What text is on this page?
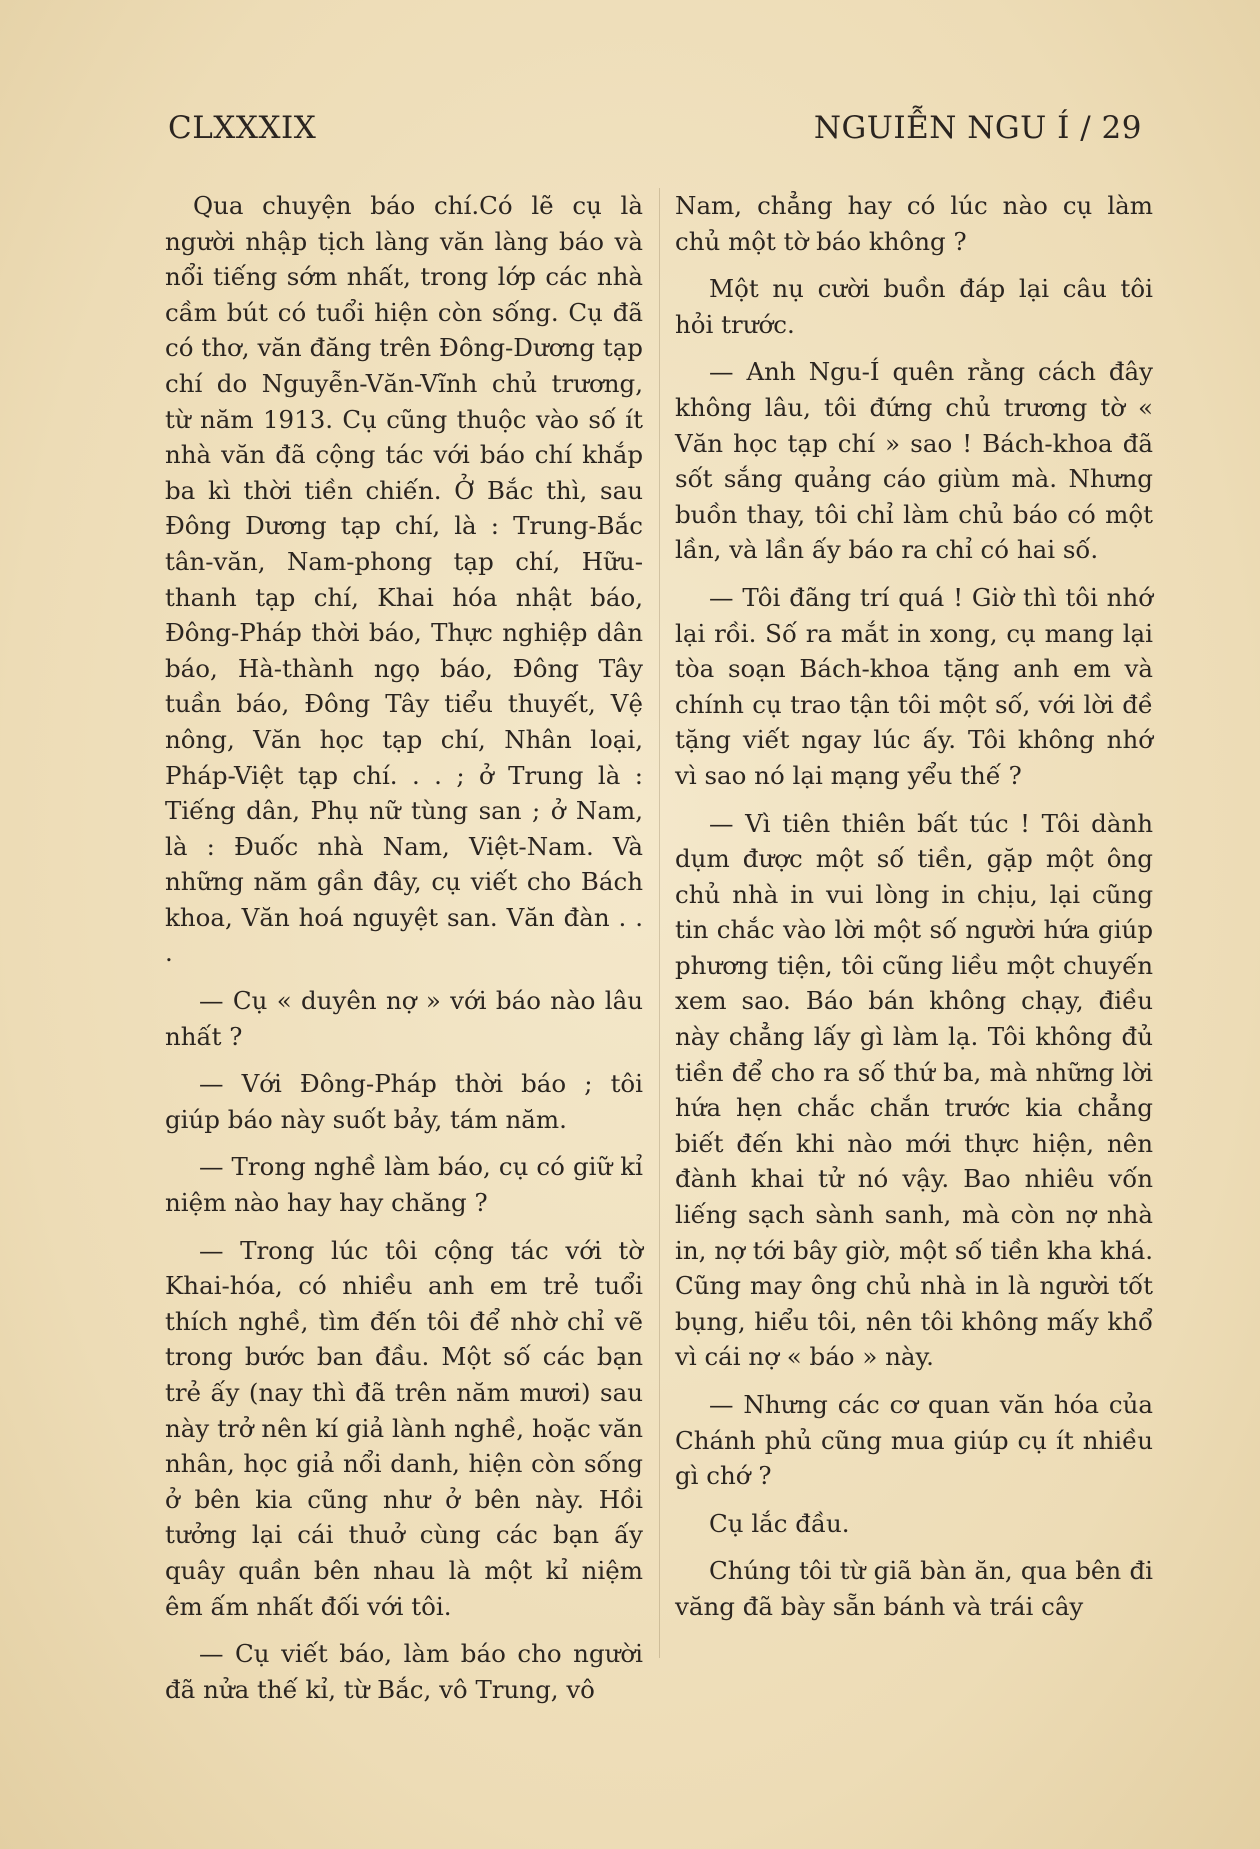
CLXXXIX	NGUIỄN NGU Í / 29

Qua chuyện báo chí.Có lẽ cụ là người nhập tịch làng văn làng báo và nổi tiếng sớm nhất, trong lớp các nhà cầm bút có tuổi hiện còn sống. Cụ đã có thơ, văn đăng trên Đông-Dương tạp chí do Nguyễn-Văn-Vĩnh chủ trương, từ năm 1913. Cụ cũng thuộc vào số ít nhà văn đã cộng tác với báo chí khắp ba kì thời tiền chiến. Ở Bắc thì, sau Đông Dương tạp chí, là : Trung-Bắc tân-văn, Nam-phong tạp chí, Hữu-thanh tạp chí, Khai hóa nhật báo, Đông-Pháp thời báo, Thực nghiệp dân báo, Hà-thành ngọ báo, Đông Tây tuần báo, Đông Tây tiểu thuyết, Vệ nông, Văn học tạp chí, Nhân loại, Pháp-Việt tạp chí. . . ; ở Trung là : Tiếng dân, Phụ nữ tùng san ; ở Nam, là : Đuốc nhà Nam, Việt-Nam. Và những năm gần đây, cụ viết cho Bách khoa, Văn hoá nguyệt san. Văn đàn . . .

— Cụ « duyên nợ » với báo nào lâu nhất ?

— Với Đông-Pháp thời báo ; tôi giúp báo này suốt bảy, tám năm.

— Trong nghề làm báo, cụ có giữ kỉ niệm nào hay hay chăng ?

— Trong lúc tôi cộng tác với tờ Khai-hóa, có nhiều anh em trẻ tuổi thích nghề, tìm đến tôi để nhờ chỉ vẽ trong bước ban đầu. Một số các bạn trẻ ấy (nay thì đã trên năm mươi) sau này trở nên kí giả lành nghề, hoặc văn nhân, học giả nổi danh, hiện còn sống ở bên kia cũng như ở bên này. Hồi tưởng lại cái thuở cùng các bạn ấy quây quần bên nhau là một kỉ niệm êm ấm nhất đối với tôi.

— Cụ viết báo, làm báo cho người đã nửa thế kỉ, từ Bắc, vô Trung, vô

Nam, chẳng hay có lúc nào cụ làm chủ một tờ báo không ?

Một nụ cười buồn đáp lại câu tôi hỏi trước.

— Anh Ngu-Í quên rằng cách đây không lâu, tôi đứng chủ trương tờ « Văn học tạp chí » sao ! Bách-khoa đã sốt sắng quảng cáo giùm mà. Nhưng buồn thay, tôi chỉ làm chủ báo có một lần, và lần ấy báo ra chỉ có hai số.

— Tôi đãng trí quá ! Giờ thì tôi nhớ lại rồi. Số ra mắt in xong, cụ mang lại tòa soạn Bách-khoa tặng anh em và chính cụ trao tận tôi một số, với lời đề tặng viết ngay lúc ấy. Tôi không nhớ vì sao nó lại mạng yểu thế ?

— Vì tiên thiên bất túc ! Tôi dành dụm được một số tiền, gặp một ông chủ nhà in vui lòng in chịu, lại cũng tin chắc vào lời một số người hứa giúp phương tiện, tôi cũng liều một chuyến xem sao. Báo bán không chạy, điều này chẳng lấy gì làm lạ. Tôi không đủ tiền để cho ra số thứ ba, mà những lời hứa hẹn chắc chắn trước kia chẳng biết đến khi nào mới thực hiện, nên đành khai tử nó vậy. Bao nhiêu vốn liếng sạch sành sanh, mà còn nợ nhà in, nợ tới bây giờ, một số tiền kha khá. Cũng may ông chủ nhà in là người tốt bụng, hiểu tôi, nên tôi không mấy khổ vì cái nợ « báo » này.

— Nhưng các cơ quan văn hóa của Chánh phủ cũng mua giúp cụ ít nhiều gì chớ ?

Cụ lắc đầu.

Chúng tôi từ giã bàn ăn, qua bên đi văng đã bày sẵn bánh và trái cây
